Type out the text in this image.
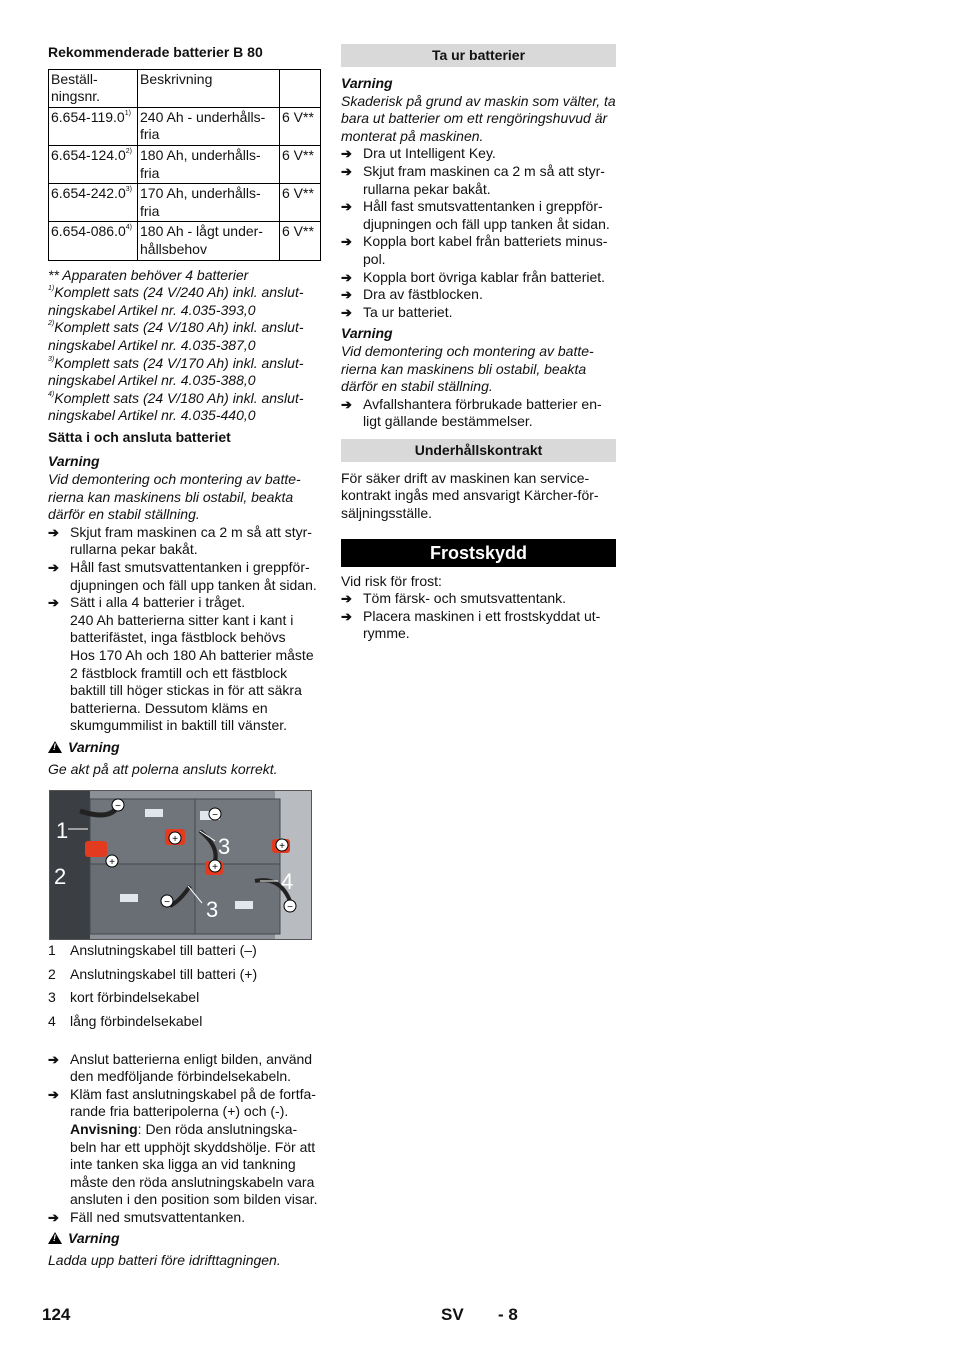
Rekommenderade batterier B 80
Beställ-ningsnr.	Beskrivning	
6.654-119.0$^{1)}$	240 Ah - underhålls-fria	6 V**
6.654-124.0$^{2)}$	180 Ah, underhålls-fria	6 V**
6.654-242.0$^{3)}$	170 Ah, underhålls-fria	6 V**
6.654-086.0$^{4)}$	180 Ah - lågt under-hållsbehov	6 V**

** Apparaten behöver 4 batterier

$^{1)}$Komplett sats (24 V/240 Ah) inkl. anslut-ningskabel Artikel nr. 4.035-393,0

$^{2)}$Komplett sats (24 V/180 Ah) inkl. anslut-ningskabel Artikel nr. 4.035-387,0

$^{3)}$Komplett sats (24 V/170 Ah) inkl. anslut-ningskabel Artikel nr. 4.035-388,0

$^{4)}$Komplett sats (24 V/180 Ah) inkl. anslut-ningskabel Artikel nr. 4.035-440,0

Sätta i och ansluta batteriet

Varning

Vid demontering och montering av batte-rierna kan maskinens bli ostabil, beakta därför en stabil ställning.

➔ Skjut fram maskinen ca 2 m så att styr-rullarna pekar bakåt.
➔ Håll fast smutsvattentanken i greppför-djupningen och fäll upp tanken åt sidan.
➔ Sätt i alla 4 batterier i tråget.

240 Ah batterierna sitter kant i kant i batterifästet, inga fästblock behövs

Hos 170 Ah och 180 Ah batterier måste 2 fästblock framtill och ett fästblock baktill till höger stickas in för att säkra batterierna. Dessutom kläms en skumgummilist in baktill till vänster.

!Varning

Ge akt på att polerna ansluts korrekt.

−
+
+	+
+
−
−
−
1
2
3
3
4
1 Anslutningskabel till batteri (–)
2 Anslutningskabel till batteri (+)
3 kort förbindelsekabel
4 lång förbindelsekabel
➔ Anslut batterierna enligt bilden, använd den medföljande förbindelsekabeln.
➔ Kläm fast anslutningskabel på de fortfa-rande fria batteripolerna (+) och (-).

Anvisning: Den röda anslutningska-beln har ett upphöjt skyddshölje. För att inte tanken ska ligga an vid tankning måste den röda anslutningskabeln vara ansluten i den position som bilden visar.

➔ Fäll ned smutsvattentanken.

!Varning

Ladda upp batteri före idrifttagningen.

Ta ur batterier

Varning

Skaderisk på grund av maskin som välter, ta bara ut batterier om ett rengöringshuvud är monterat på maskinen.

➔ Dra ut Intelligent Key.
➔ Skjut fram maskinen ca 2 m så att styr-rullarna pekar bakåt.
➔ Håll fast smutsvattentanken i greppför-djupningen och fäll upp tanken åt sidan.
➔ Koppla bort kabel från batteriets minus-pol.
➔ Koppla bort övriga kablar från batteriet.
➔ Dra av fästblocken.
➔ Ta ur batteriet.

Varning

Vid demontering och montering av batte-rierna kan maskinens bli ostabil, beakta därför en stabil ställning.

➔ Avfallshantera förbrukade batterier en-ligt gällande bestämmelser.
Underhållskontrakt

För säker drift av maskinen kan service-kontrakt ingås med ansvarigt Kärcher-för-säljningsställe.

Frostskydd

Vid risk för frost:

➔ Töm färsk- och smutsvattentank.
➔ Placera maskinen i ett frostskyddat ut-rymme.
124	SV - 8
